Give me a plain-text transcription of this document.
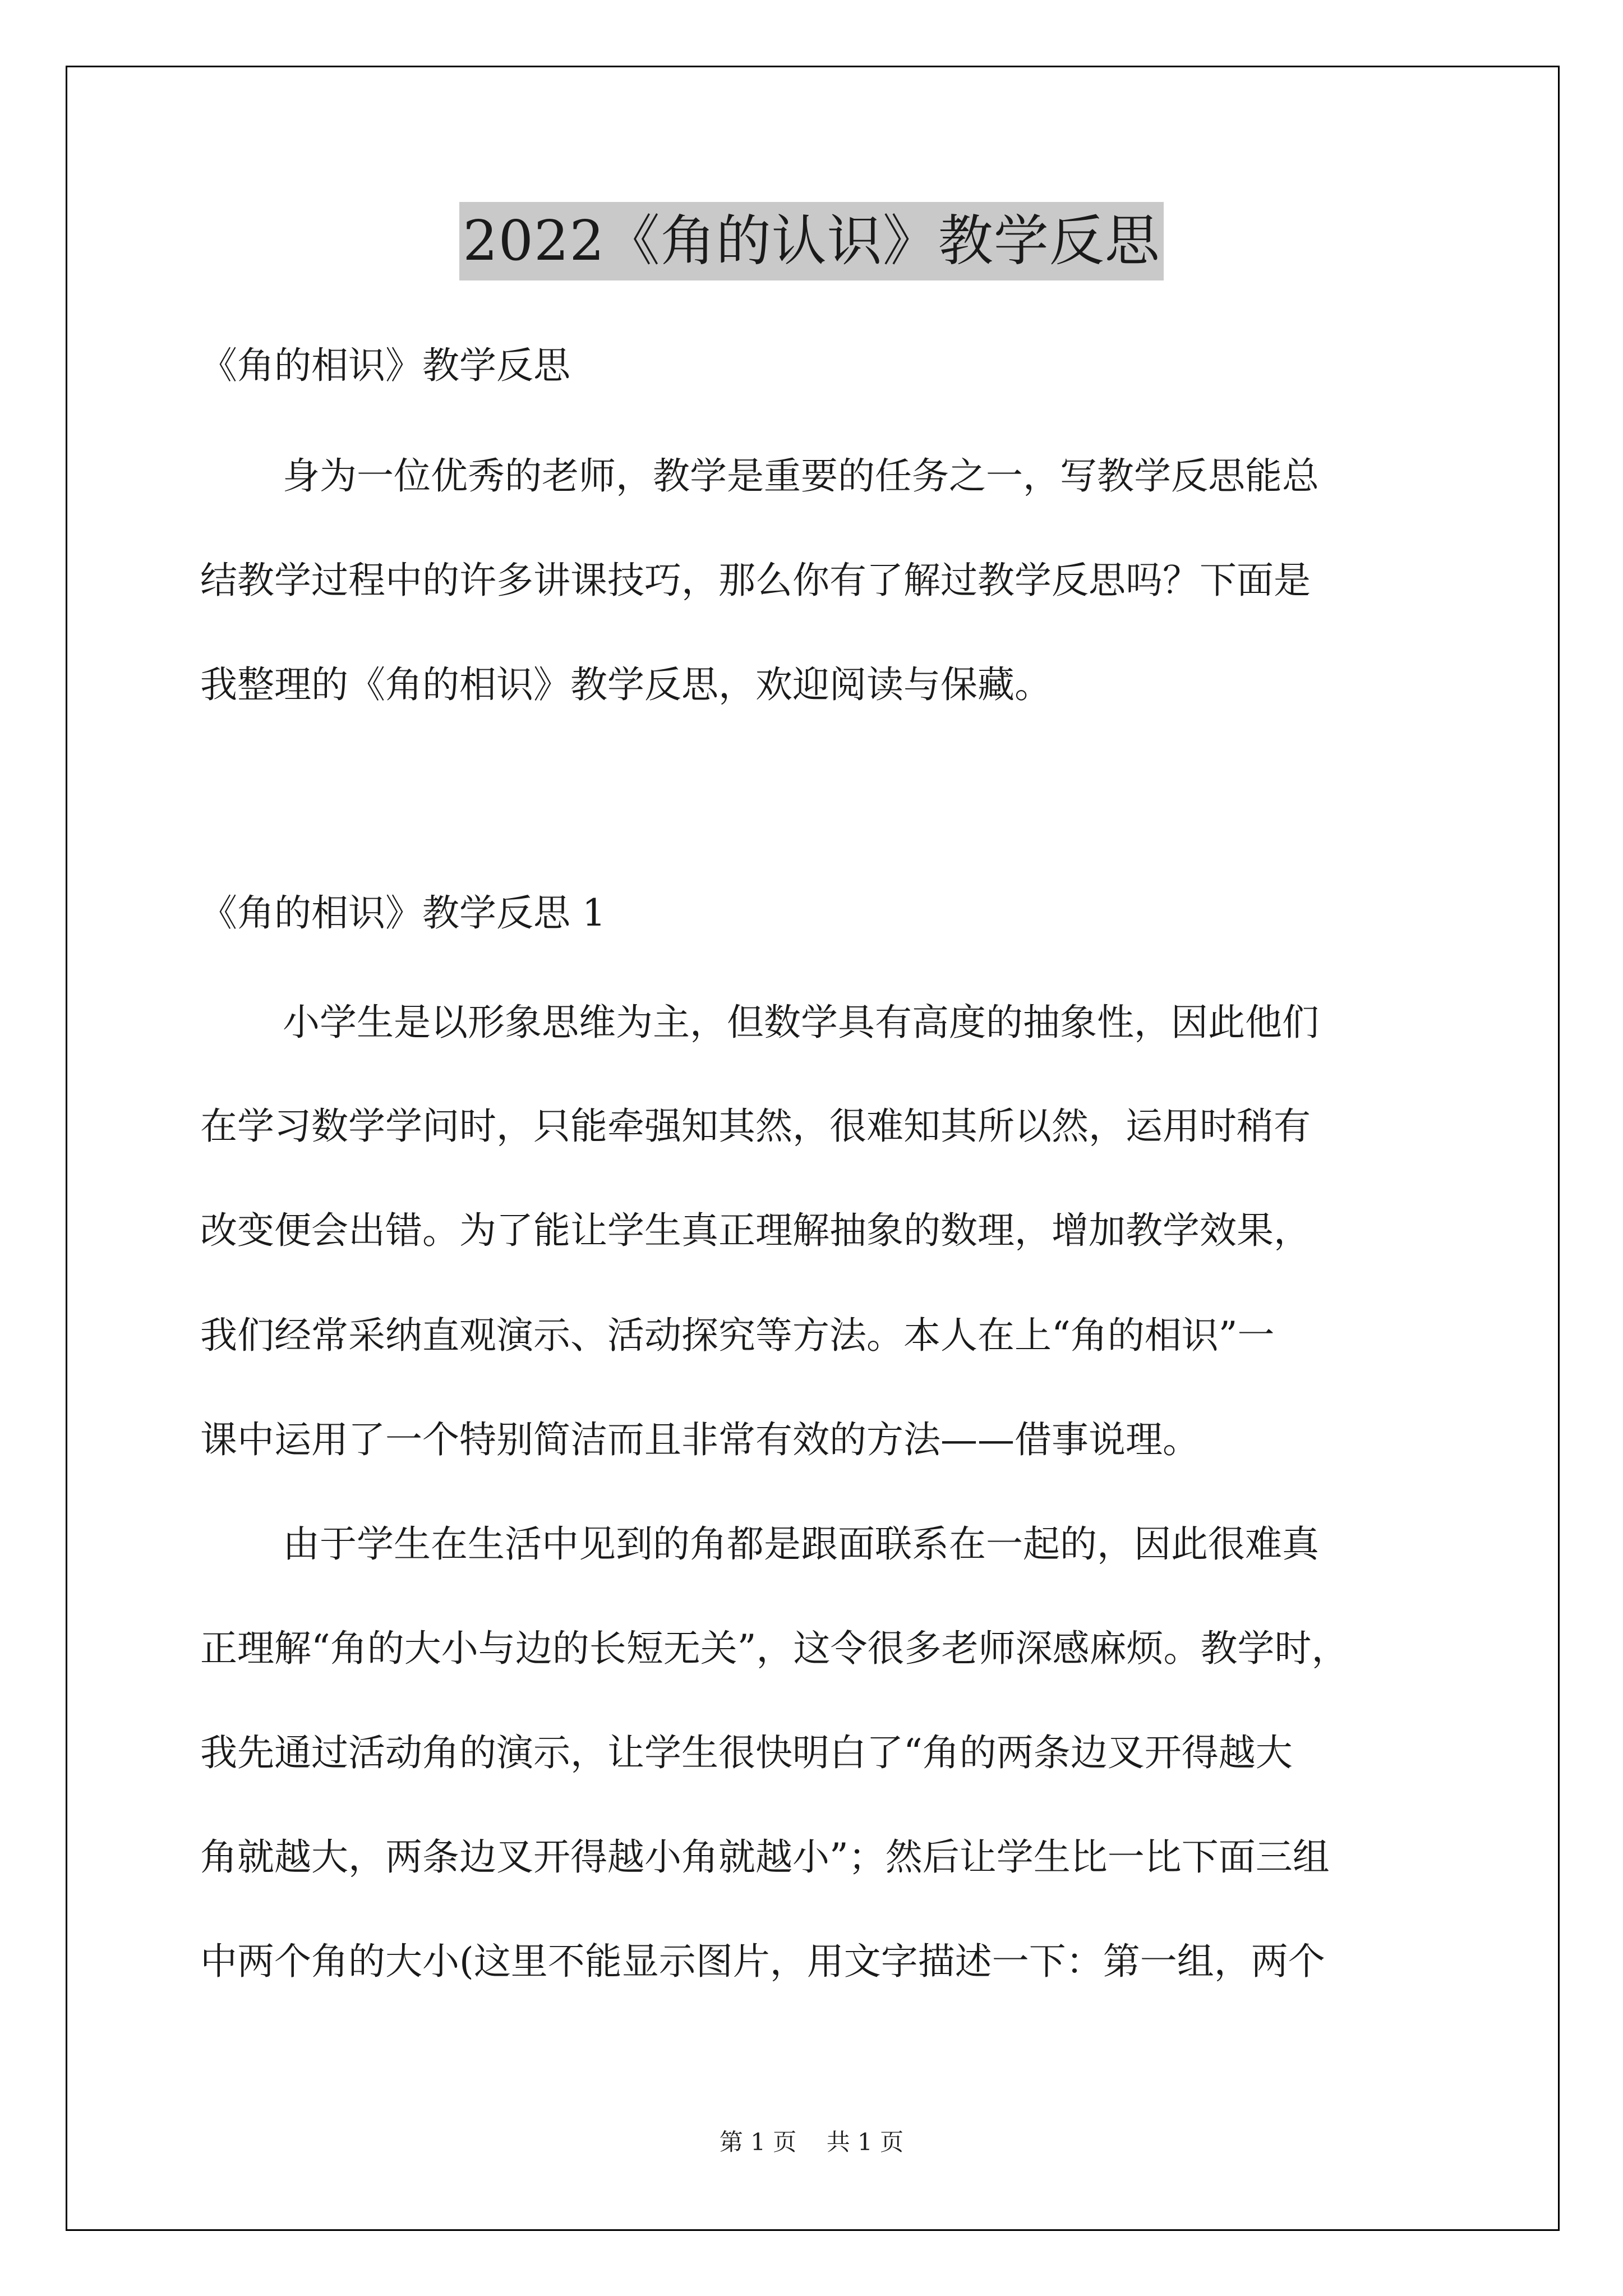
2022《角的认识》教学反思
《角的相识》教学反思
身为一位优秀的老师，教学是重要的任务之一，写教学反思能总
结教学过程中的许多讲课技巧，那么你有了解过教学反思吗？下面是
我整理的《角的相识》教学反思，欢迎阅读与保藏。
《角的相识》教学反思 1
小学生是以形象思维为主，但数学具有高度的抽象性，因此他们
在学习数学学问时，只能牵强知其然，很难知其所以然，运用时稍有
改变便会出错。为了能让学生真正理解抽象的数理，增加教学效果，
我们经常采纳直观演示、活动探究等方法。本人在上“角的相识”一
课中运用了一个特别简洁而且非常有效的方法——借事说理。
由于学生在生活中见到的角都是跟面联系在一起的，因此很难真
正理解“角的大小与边的长短无关”，这令很多老师深感麻烦。教学时，
我先通过活动角的演示，让学生很快明白了“角的两条边叉开得越大
角就越大，两条边叉开得越小角就越小”；然后让学生比一比下面三组
中两个角的大小(这里不能显示图片，用文字描述一下：第一组，两个
第 1 页    共 1 页
